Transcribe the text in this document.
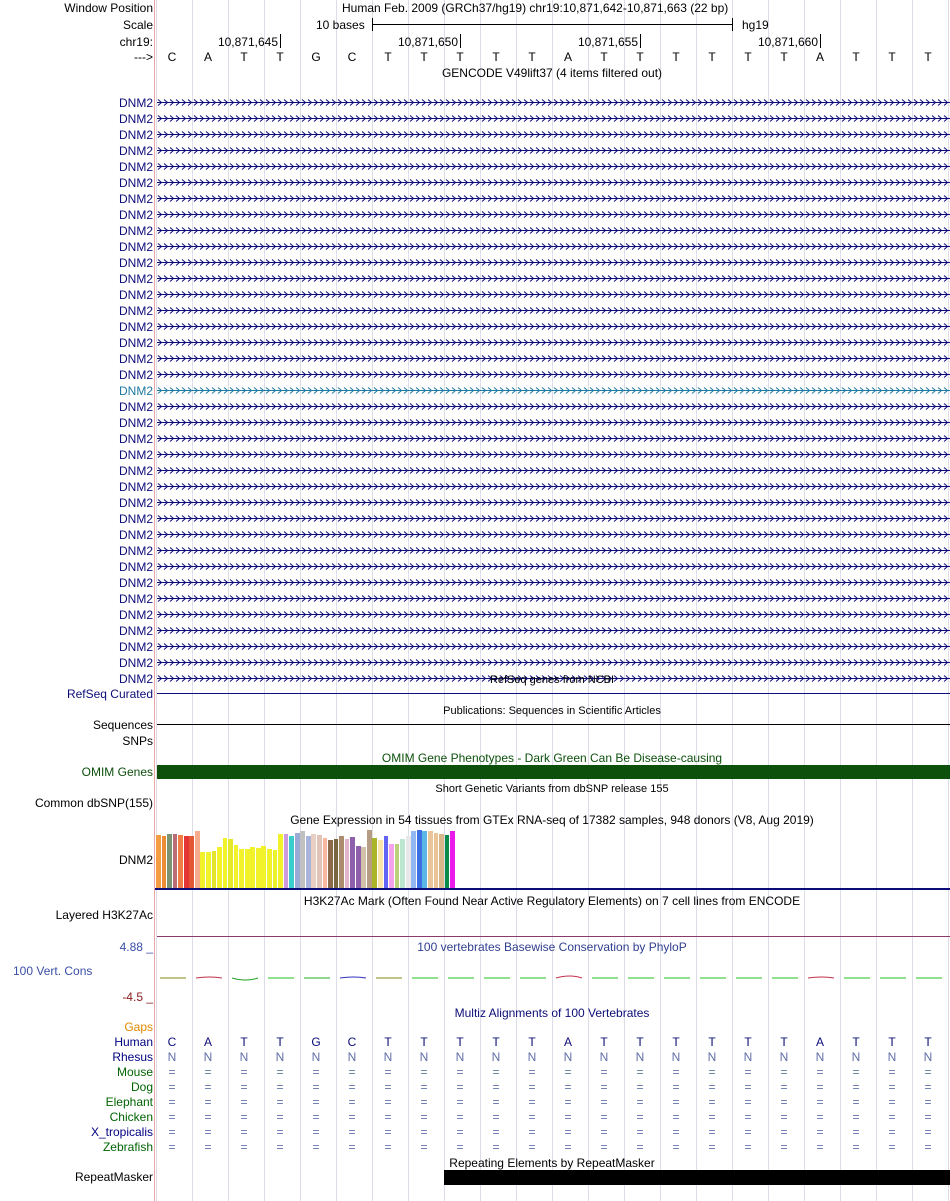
Window Position	Human Feb. 2009 (GRCh37/hg19) chr19:10,871,642-10,871,663 (22 bp)
Scale	10 bases	hg19
chr19:	10,871,645	10,871,650	10,871,655	10,871,660
---> C A T T G C T T T T T A T T T T T T A T T T
GENCODE V49lift37 (4 items filtered out)
DNM2
DNM2
DNM2
DNM2
DNM2
DNM2
DNM2
DNM2
DNM2
DNM2
DNM2
DNM2
DNM2
DNM2
DNM2
DNM2
DNM2
DNM2
DNM2
DNM2
DNM2
DNM2
DNM2
DNM2
DNM2
DNM2
DNM2
DNM2
DNM2
DNM2
DNM2
DNM2
DNM2
DNM2
DNM2
DNM2
DNM2	RefSeq genes from NCBI
RefSeq Curated
Publications: Sequences in Scientific Articles
Sequences
SNPs
OMIM Gene Phenotypes - Dark Green Can Be Disease-causing
OMIM Genes
Short Genetic Variants from dbSNP release 155
Common dbSNP(155)
Gene Expression in 54 tissues from GTEx RNA-seq of 17382 samples, 948 donors (V8, Aug 2019)
DNM2
H3K27Ac Mark (Often Found Near Active Regulatory Elements) on 7 cell lines from ENCODE
Layered H3K27Ac
100 vertebrates Basewise Conservation by PhyloP
4.88 _
100 Vert. Cons
-4.5 _
Multiz Alignments of 100 Vertebrates
Gaps
Human C A T T G C T T T T T A T T T T T T A T T T
Rhesus N N N N N N N N N N N N N N N N N N N N N N
Mouse = = = = = = = = = = = = = = = = = = = = = =
Dog = = = = = = = = = = = = = = = = = = = = = =
Elephant = = = = = = = = = = = = = = = = = = = = = =
Chicken = = = = = = = = = = = = = = = = = = = = = =
X_tropicalis = = = = = = = = = = = = = = = = = = = = = =
Zebrafish = = = = = = = = = = = = = = = = = = = = = =
Repeating Elements by RepeatMasker
RepeatMasker
